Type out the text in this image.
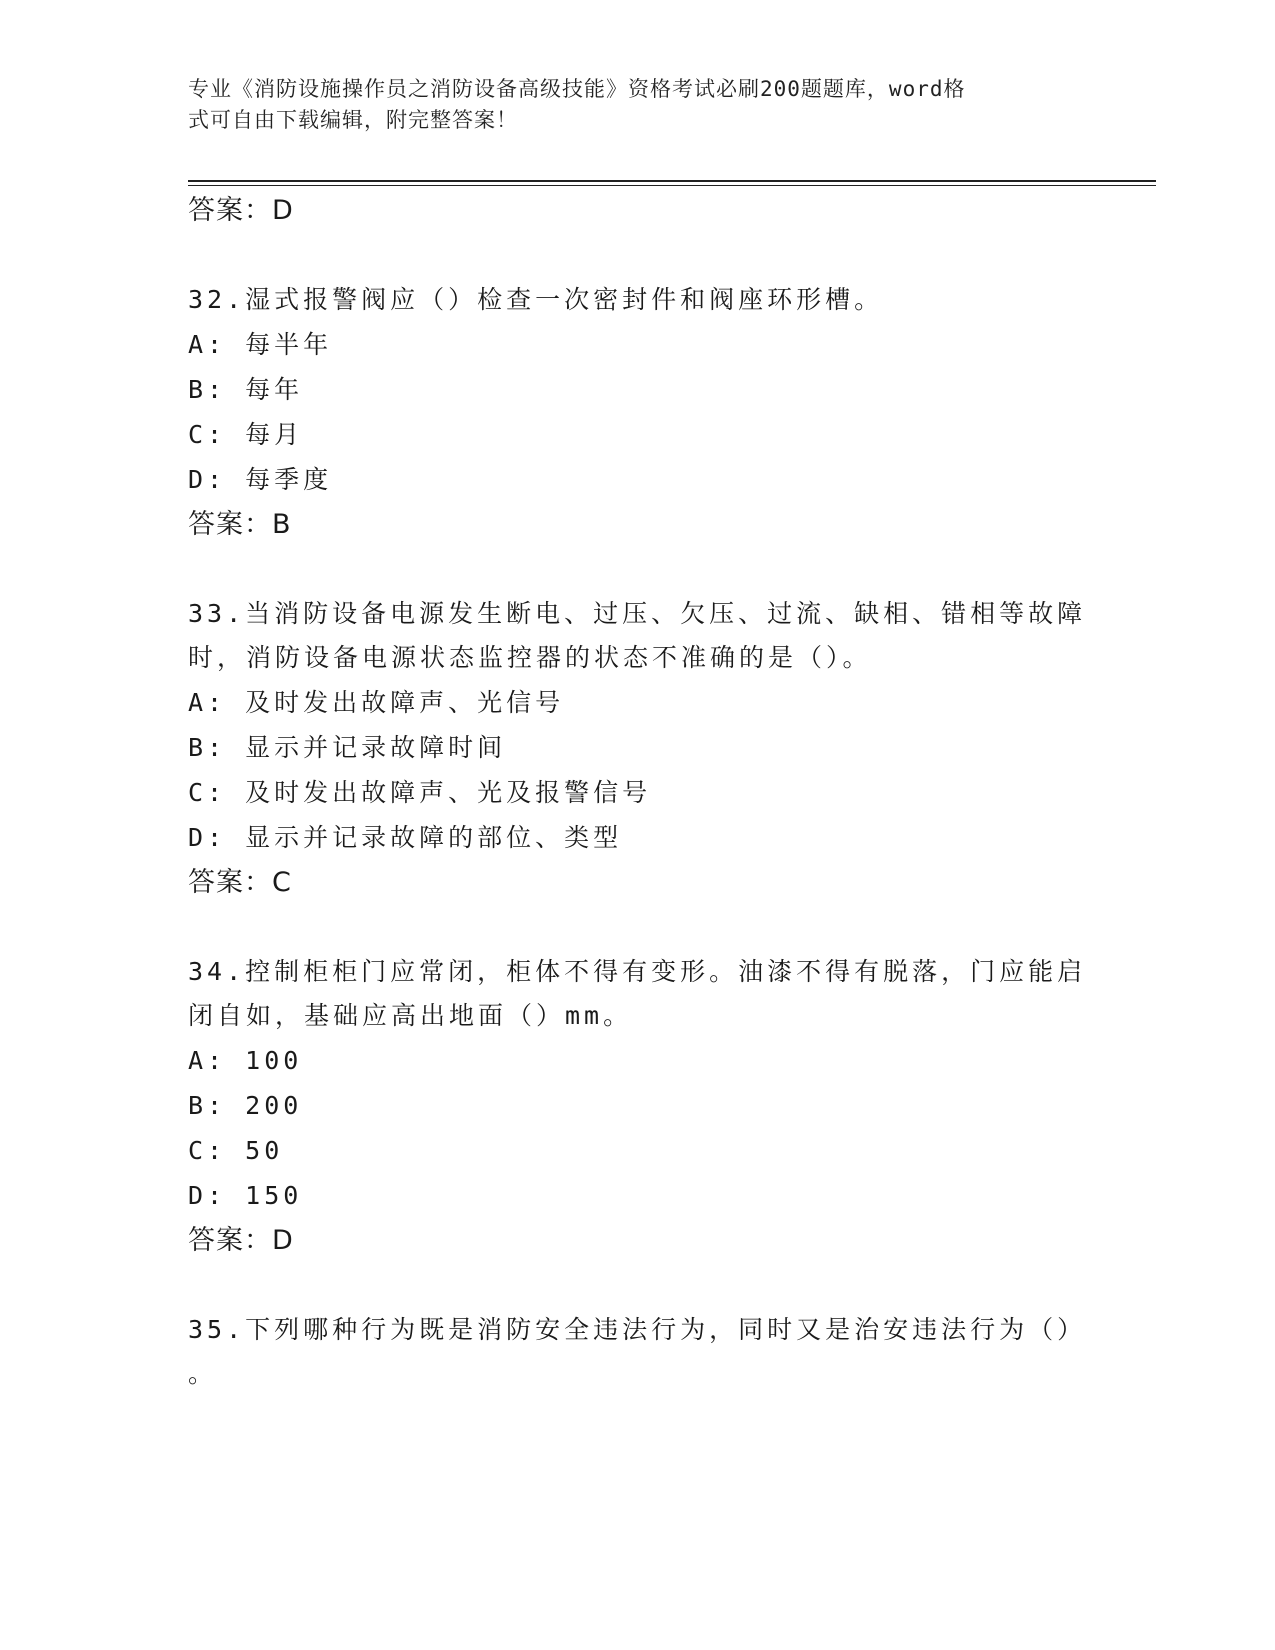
专业《消防设施操作员之消防设备高级技能》资格考试必刷200题题库，word格
式可自由下载编辑，附完整答案！
答案：D
32.湿式报警阀应（）检查一次密封件和阀座环形槽。
A: 每半年
B: 每年
C: 每月
D: 每季度
答案：B
33.当消防设备电源发生断电、过压、欠压、过流、缺相、错相等故障
时，消防设备电源状态监控器的状态不准确的是（）。
A: 及时发出故障声、光信号
B: 显示并记录故障时间
C: 及时发出故障声、光及报警信号
D: 显示并记录故障的部位、类型
答案：C
34.控制柜柜门应常闭，柜体不得有变形。油漆不得有脱落，门应能启
闭自如，基础应高出地面（）mm。
A: 100
B: 200
C: 50
D: 150
答案：D
35.下列哪种行为既是消防安全违法行为，同时又是治安违法行为（）
。
